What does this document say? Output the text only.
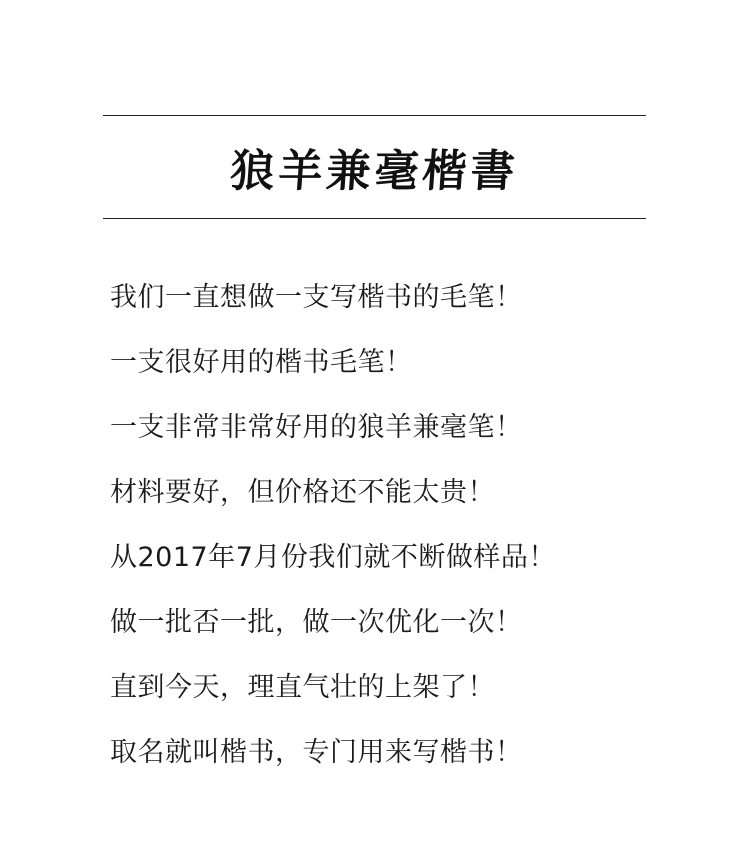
狼羊兼毫楷書
我们一直想做一支写楷书的毛笔！
一支很好用的楷书毛笔！
一支非常非常好用的狼羊兼毫笔！
材料要好，但价格还不能太贵！
从2017年7月份我们就不断做样品！
做一批否一批，做一次优化一次！
直到今天，理直气壮的上架了！
取名就叫楷书，专门用来写楷书！
